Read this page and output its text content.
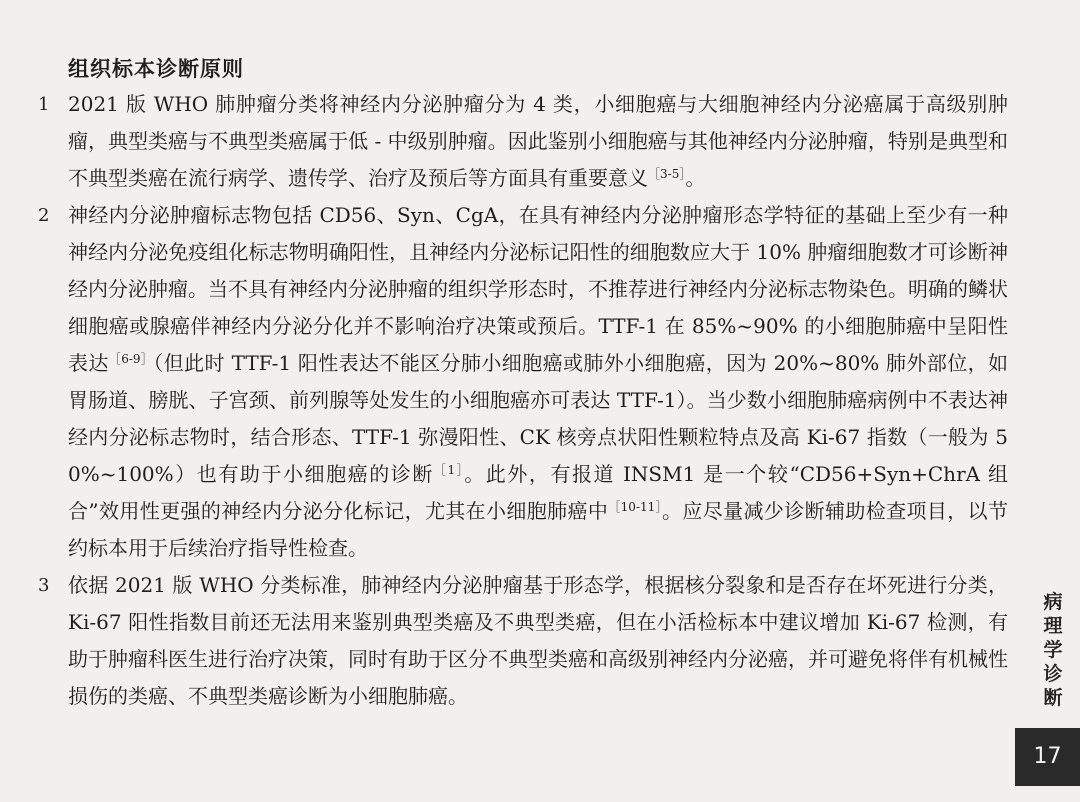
组织标本诊断原则
1 2021 版 WHO 肺肿瘤分类将神经内分泌肿瘤分为 4 类，小细胞癌与大细胞神经内分泌癌属于高级别肿瘤，典型类癌与不典型类癌属于低 - 中级别肿瘤。因此鉴别小细胞癌与其他神经内分泌肿瘤，特别是典型和不典型类癌在流行病学、遗传学、治疗及预后等方面具有重要意义$^{[3-5]}$。

2 神经内分泌肿瘤标志物包括 CD56、Syn、CgA，在具有神经内分泌肿瘤形态学特征的基础上至少有一种神经内分泌免疫组化标志物明确阳性，且神经内分泌标记阳性的细胞数应大于 10% 肿瘤细胞数才可诊断神经内分泌肿瘤。当不具有神经内分泌肿瘤的组织学形态时，不推荐进行神经内分泌标志物染色。明确的鳞状细胞癌或腺癌伴神经内分泌分化并不影响治疗决策或预后。TTF-1 在 85%~90% 的小细胞肺癌中呈阳性表达$^{[6-9]}$（但此时 TTF-1 阳性表达不能区分肺小细胞癌或肺外小细胞癌，因为 20%~80% 肺外部位，如胃肠道、膀胱、子宫颈、前列腺等处发生的小细胞癌亦可表达 TTF-1）。当少数小细胞肺癌病例中不表达神经内分泌标志物时，结合形态、TTF-1 弥漫阳性、CK 核旁点状阳性颗粒特点及高 Ki-67 指数（一般为 50%~100%）也有助于小细胞癌的诊断$^{[1]}$。此外，有报道 INSM1 是一个较“CD56+Syn+ChrA 组合”效用性更强的神经内分泌分化标记，尤其在小细胞肺癌中$^{[10-11]}$。应尽量减少诊断辅助检查项目，以节约标本用于后续治疗指导性检查。

3 依据 2021 版 WHO 分类标准，肺神经内分泌肿瘤基于形态学，根据核分裂象和是否存在坏死进行分类，Ki-67 阳性指数目前还无法用来鉴别典型类癌及不典型类癌，但在小活检标本中建议增加 Ki-67 检测，有助于肿瘤科医生进行治疗决策，同时有助于区分不典型类癌和高级别神经内分泌癌，并可避免将伴有机械性损伤的类癌、不典型类癌诊断为小细胞肺癌。

病
理
学
诊
断
17
